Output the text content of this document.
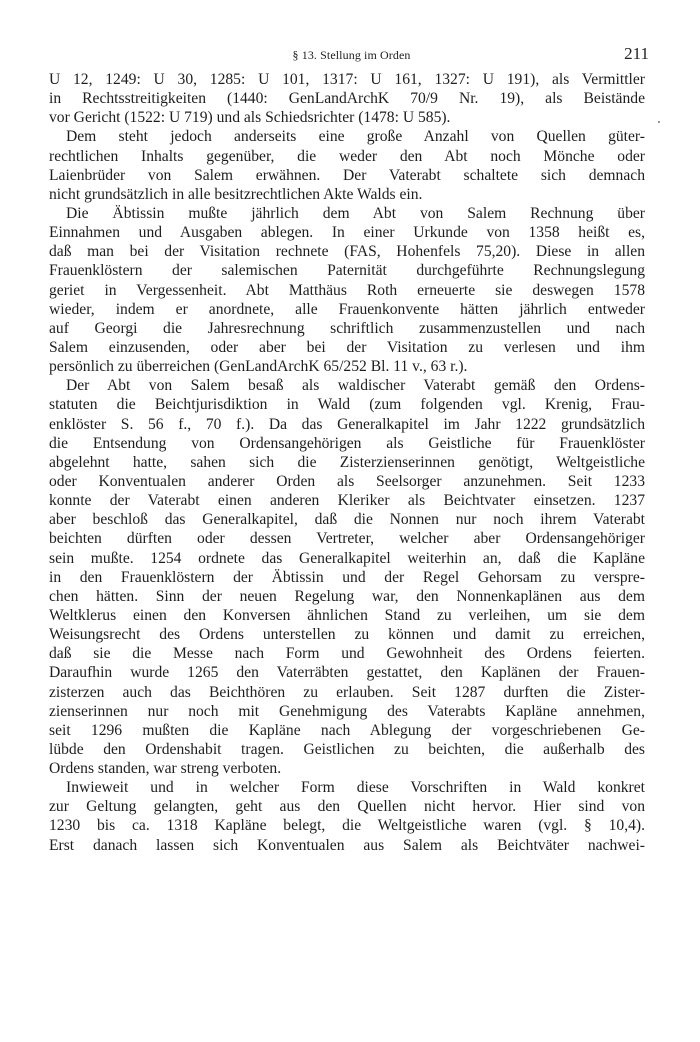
§ 13. Stellung im Orden	211
U 12, 1249: U 30, 1285: U 101, 1317: U 161, 1327: U 191), als Vermittler
in Rechtsstreitigkeiten (1440: GenLandArchK 70/9 Nr. 19), als Beistände
vor Gericht (1522: U 719) und als Schiedsrichter (1478: U 585).
Dem steht jedoch anderseits eine große Anzahl von Quellen güter-
rechtlichen Inhalts gegenüber, die weder den Abt noch Mönche oder
Laienbrüder von Salem erwähnen. Der Vaterabt schaltete sich demnach
nicht grundsätzlich in alle besitzrechtlichen Akte Walds ein.
Die Äbtissin mußte jährlich dem Abt von Salem Rechnung über
Einnahmen und Ausgaben ablegen. In einer Urkunde von 1358 heißt es,
daß man bei der Visitation rechnete (FAS, Hohenfels 75,20). Diese in allen
Frauenklöstern der salemischen Paternität durchgeführte Rechnungslegung
geriet in Vergessenheit. Abt Matthäus Roth erneuerte sie deswegen 1578
wieder, indem er anordnete, alle Frauenkonvente hätten jährlich entweder
auf Georgi die Jahresrechnung schriftlich zusammenzustellen und nach
Salem einzusenden, oder aber bei der Visitation zu verlesen und ihm
persönlich zu überreichen (GenLandArchK 65/252 Bl. 11 v., 63 r.).
Der Abt von Salem besaß als waldischer Vaterabt gemäß den Ordens-
statuten die Beichtjurisdiktion in Wald (zum folgenden vgl. Krenig, Frau-
enklöster S. 56 f., 70 f.). Da das Generalkapitel im Jahr 1222 grundsätzlich
die Entsendung von Ordensangehörigen als Geistliche für Frauenklöster
abgelehnt hatte, sahen sich die Zisterzienserinnen genötigt, Weltgeistliche
oder Konventualen anderer Orden als Seelsorger anzunehmen. Seit 1233
konnte der Vaterabt einen anderen Kleriker als Beichtvater einsetzen. 1237
aber beschloß das Generalkapitel, daß die Nonnen nur noch ihrem Vaterabt
beichten dürften oder dessen Vertreter, welcher aber Ordensangehöriger
sein mußte. 1254 ordnete das Generalkapitel weiterhin an, daß die Kapläne
in den Frauenklöstern der Äbtissin und der Regel Gehorsam zu verspre-
chen hätten. Sinn der neuen Regelung war, den Nonnenkaplänen aus dem
Weltklerus einen den Konversen ähnlichen Stand zu verleihen, um sie dem
Weisungsrecht des Ordens unterstellen zu können und damit zu erreichen,
daß sie die Messe nach Form und Gewohnheit des Ordens feierten.
Daraufhin wurde 1265 den Vaterräbten gestattet, den Kaplänen der Frauen-
zisterzen auch das Beichthören zu erlauben. Seit 1287 durften die Zister-
zienserinnen nur noch mit Genehmigung des Vaterabts Kapläne annehmen,
seit 1296 mußten die Kapläne nach Ablegung der vorgeschriebenen Ge-
lübde den Ordenshabit tragen. Geistlichen zu beichten, die außerhalb des
Ordens standen, war streng verboten.
Inwieweit und in welcher Form diese Vorschriften in Wald konkret
zur Geltung gelangten, geht aus den Quellen nicht hervor. Hier sind von
1230 bis ca. 1318 Kapläne belegt, die Weltgeistliche waren (vgl. § 10,4).
Erst danach lassen sich Konventualen aus Salem als Beichtväter nachwei-
